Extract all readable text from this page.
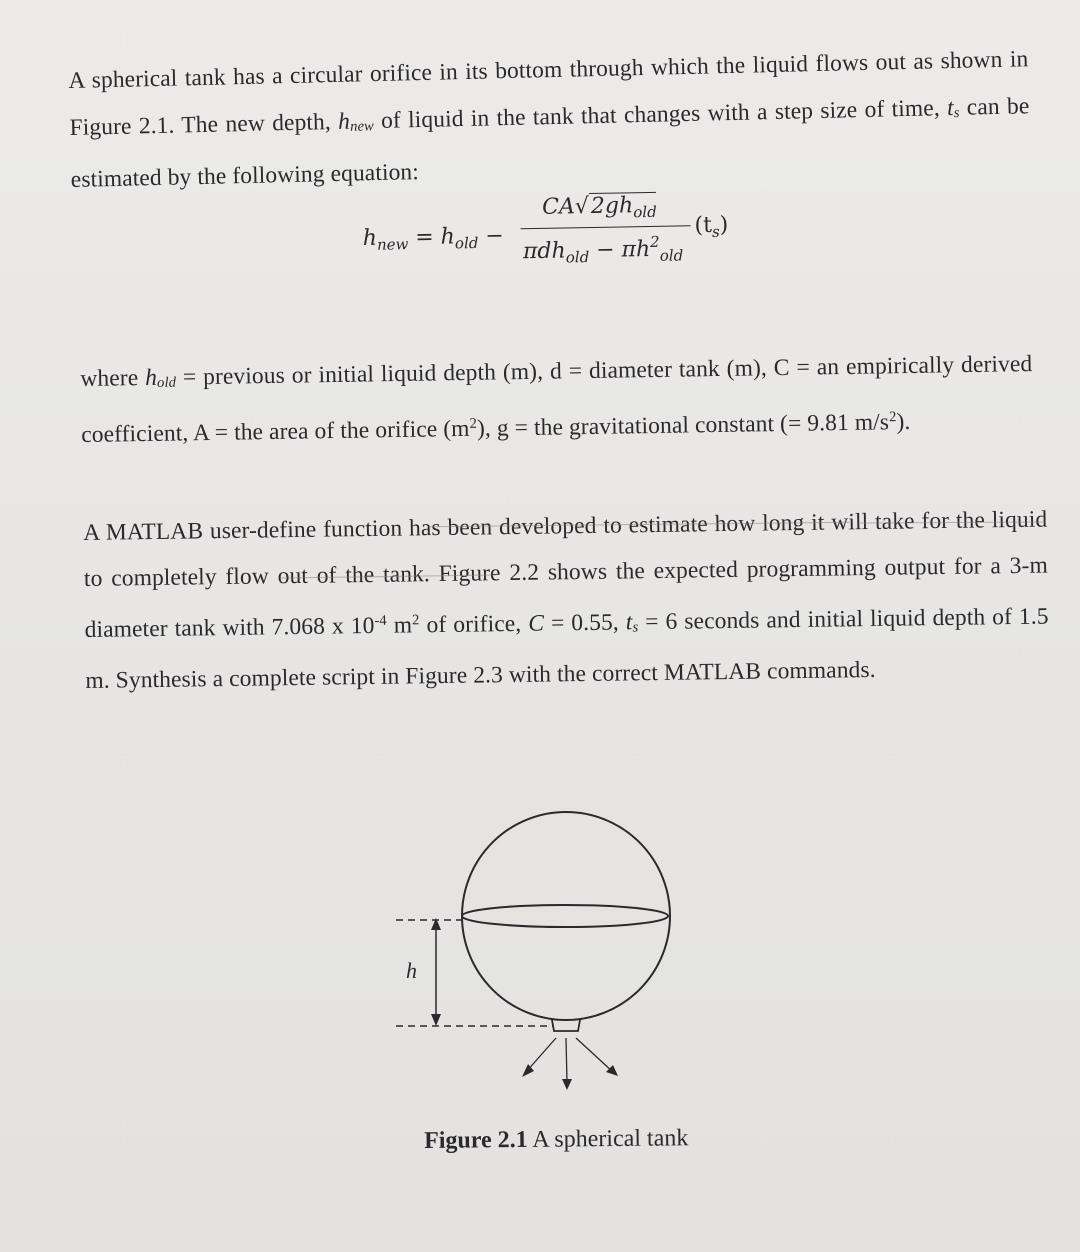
A spherical tank has a circular orifice in its bottom through which the liquid flows out as shown in Figure 2.1. The new depth, hnew of liquid in the tank that changes with a step size of time, ts can be estimated by the following equation:

$h_{new} = h_{old}$ −
$CA√2gh_{old}$
$\pi dh_{old} - \pi h^2_{old}$
$(t_s)$

where hold = previous or initial liquid depth (m), d = diameter tank (m), C = an empirically derived coefficient, A = the area of the orifice $(m^2)$, g = the gravitational constant (= 9.81 $m/s^2$).

A MATLAB user-define function has been developed to estimate how long it will take for the liquid to completely flow out of the tank. Figure 2.2 shows the expected programming output for a 3-m diameter tank with 7.068 x $10^{-4}$ $m^2$ of orifice, C = 0.55, ts = 6 seconds and initial liquid depth of 1.5 m. Synthesis a complete script in Figure 2.3 with the correct MATLAB commands.

h
Figure 2.1 A spherical tank
